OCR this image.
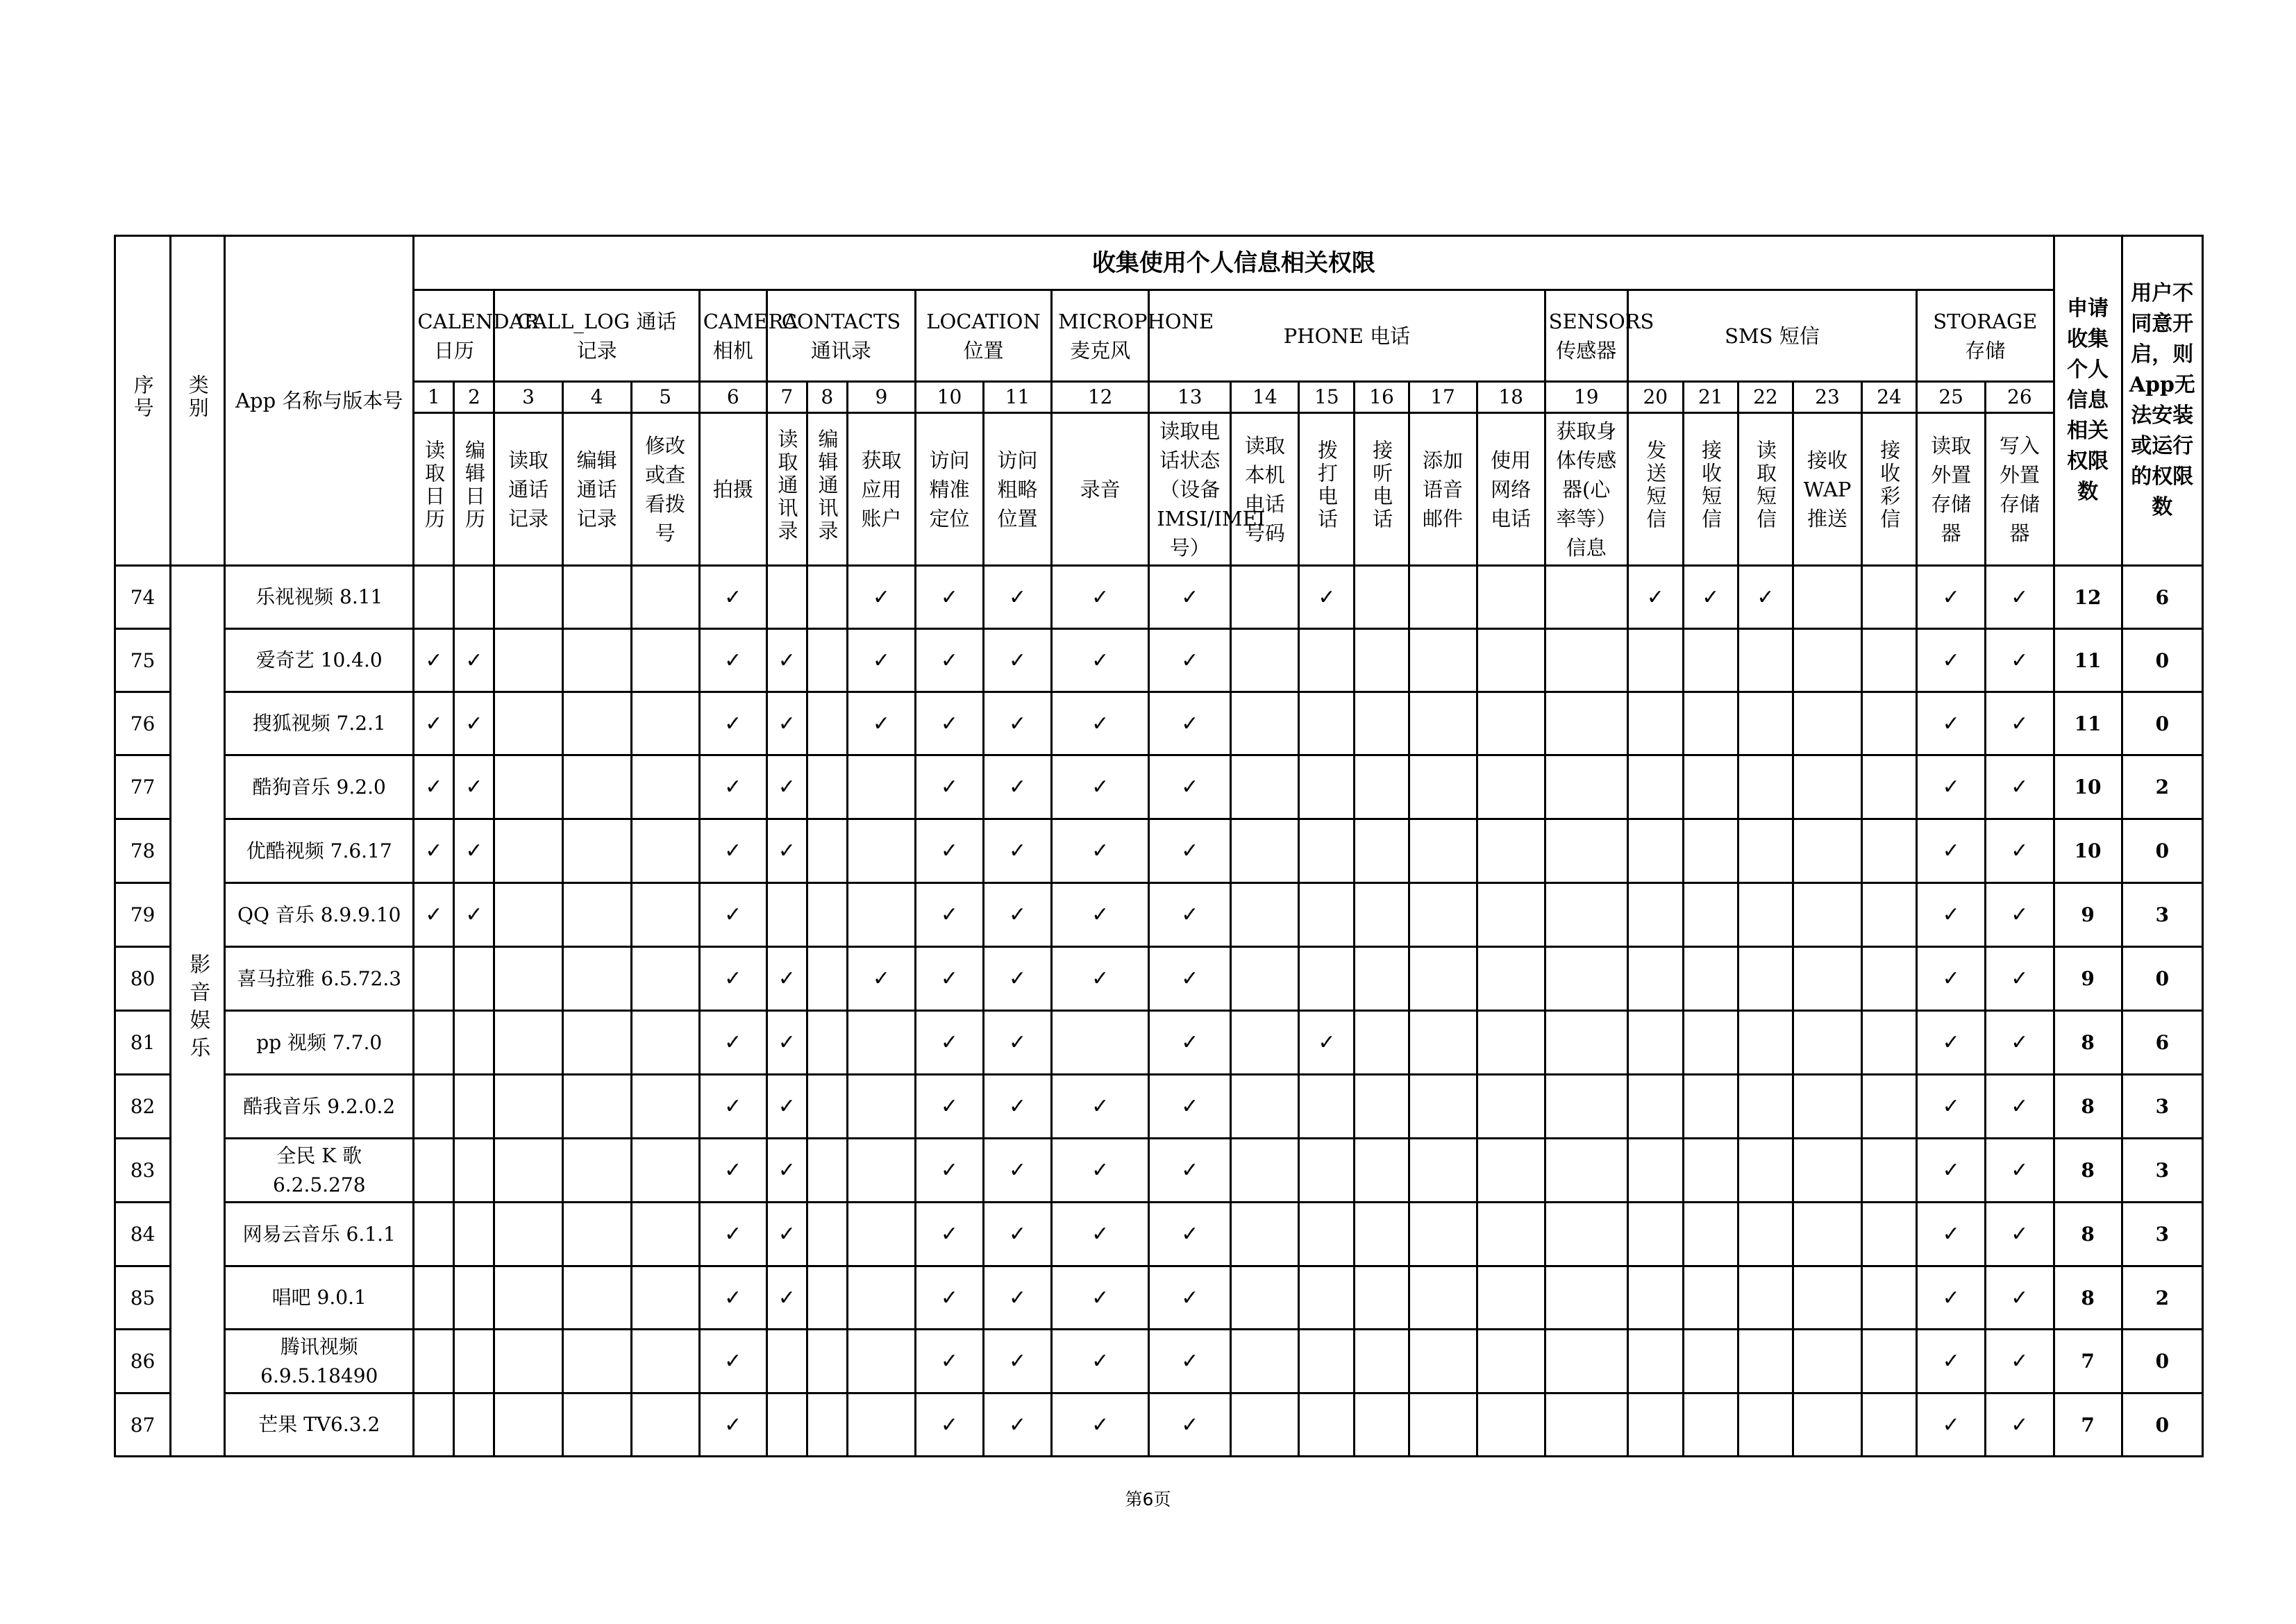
序号	类别	App 名称与版本号	收集使用个人信息相关权限																										申请收集个人信息相关权限数	用户不同意开启，则App无法安装或运行的权限数
			CALENDAR 日历		CALL_LOG 通话记录			CAMERA 相机	CONTACTS 通讯录			LOCATION 位置		MICROPHONE 麦克风	PHONE 电话						SENSORS 传感器	SMS 短信					STORAGE 存储			
			1	2	3	4	5	6	7	8	9	10	11	12	13	14	15	16	17	18	19	20	21	22	23	24	25	26		
			读取日历	编辑日历	读取通话记录	编辑通话记录	修改或查看拨号	拍摄	读取通讯录	编辑通讯录	获取应用账户	访问精准定位	访问粗略位置	录音	读取电话状态（设备IMSI/IMEI号）	读取本机电话号码	拨打电话	接听电话	添加语音邮件	使用网络电话	获取身体传感器(心率等）信息	发送短信	接收短信	读取短信	接收WAP推送	接收彩信	读取外置存储器	写入外置存储器		
74	影音娱乐	乐视视频 8.11						✓			✓	✓	✓	✓	✓		✓					✓	✓	✓			✓	✓	12	6
75		爱奇艺 10.4.0	✓	✓				✓	✓		✓	✓	✓	✓	✓												✓	✓	11	0
76		搜狐视频 7.2.1	✓	✓				✓	✓		✓	✓	✓	✓	✓												✓	✓	11	0
77		酷狗音乐 9.2.0	✓	✓				✓	✓			✓	✓	✓	✓												✓	✓	10	2
78		优酷视频 7.6.17	✓	✓				✓	✓			✓	✓	✓	✓												✓	✓	10	0
79		QQ 音乐 8.9.9.10	✓	✓				✓				✓	✓	✓	✓												✓	✓	9	3
80		喜马拉雅 6.5.72.3						✓	✓		✓	✓	✓	✓	✓												✓	✓	9	0
81		pp 视频 7.7.0						✓	✓			✓	✓		✓		✓										✓	✓	8	6
82		酷我音乐 9.2.0.2						✓	✓			✓	✓	✓	✓												✓	✓	8	3
83		全民 K 歌 6.2.5.278						✓	✓			✓	✓	✓	✓												✓	✓	8	3
84		网易云音乐 6.1.1						✓	✓			✓	✓	✓	✓												✓	✓	8	3
85		唱吧 9.0.1						✓	✓			✓	✓	✓	✓												✓	✓	8	2
86		腾讯视频 6.9.5.18490						✓				✓	✓	✓	✓												✓	✓	7	0
87		芒果 TV6.3.2						✓				✓	✓	✓	✓												✓	✓	7	0
第6页
